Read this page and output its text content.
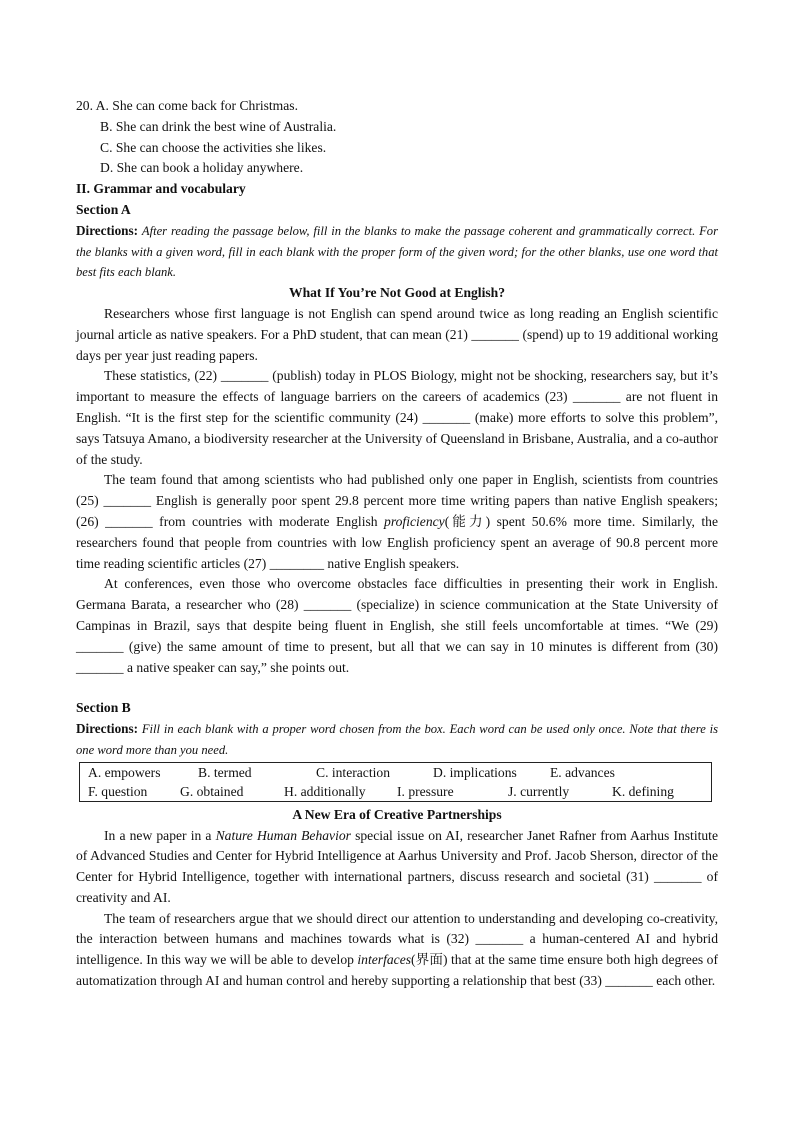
20. A. She can come back for Christmas.
B. She can drink the best wine of Australia.
C. She can choose the activities she likes.
D. She can book a holiday anywhere.
II. Grammar and vocabulary
Section A

Directions: After reading the passage below, fill in the blanks to make the passage coherent and grammatically correct. For the blanks with a given word, fill in each blank with the proper form of the given word; for the other blanks, use one word that best fits each blank.

What If You’re Not Good at English?

Researchers whose first language is not English can spend around twice as long reading an English scientific journal article as native speakers. For a PhD student, that can mean (21) _______ (spend) up to 19 additional working days per year just reading papers.

These statistics, (22) _______ (publish) today in PLOS Biology, might not be shocking, researchers say, but it’s important to measure the effects of language barriers on the careers of academics (23) _______ are not fluent in English. “It is the first step for the scientific community (24) _______ (make) more efforts to solve this problem”, says Tatsuya Amano, a biodiversity researcher at the University of Queensland in Brisbane, Australia, and a co-author of the study.

The team found that among scientists who had published only one paper in English, scientists from countries (25) _______ English is generally poor spent 29.8 percent more time writing papers than native English speakers; (26) _______ from countries with moderate English proficiency(能力) spent 50.6% more time. Similarly, the researchers found that people from countries with low English proficiency spent an average of 90.8 percent more time reading scientific articles (27) ________ native English speakers.

At conferences, even those who overcome obstacles face difficulties in presenting their work in English. Germana Barata, a researcher who (28) _______ (specialize) in science communication at the State University of Campinas in Brazil, says that despite being fluent in English, she still feels uncomfortable at times. “We (29) _______ (give) the same amount of time to present, but all that we can say in 10 minutes is different from (30) _______ a native speaker can say,” she points out.

Section B

Directions: Fill in each blank with a proper word chosen from the box. Each word can be used only once. Note that there is one word more than you need.

A. empowers	B. termed	C. interaction	D. implications	E. advances
F. question	G. obtained	H. additionally	I. pressure	J. currently	K. defining
A New Era of Creative Partnerships

In a new paper in a Nature Human Behavior special issue on AI, researcher Janet Rafner from Aarhus Institute of Advanced Studies and Center for Hybrid Intelligence at Aarhus University and Prof. Jacob Sherson, director of the Center for Hybrid Intelligence, together with international partners, discuss research and societal (31) _______ of creativity and AI.

The team of researchers argue that we should direct our attention to understanding and developing co-creativity, the interaction between humans and machines towards what is (32) _______ a human-centered AI and hybrid intelligence. In this way we will be able to develop interfaces(界面) that at the same time ensure both high degrees of automatization through AI and human control and hereby supporting a relationship that best (33) _______ each other.
